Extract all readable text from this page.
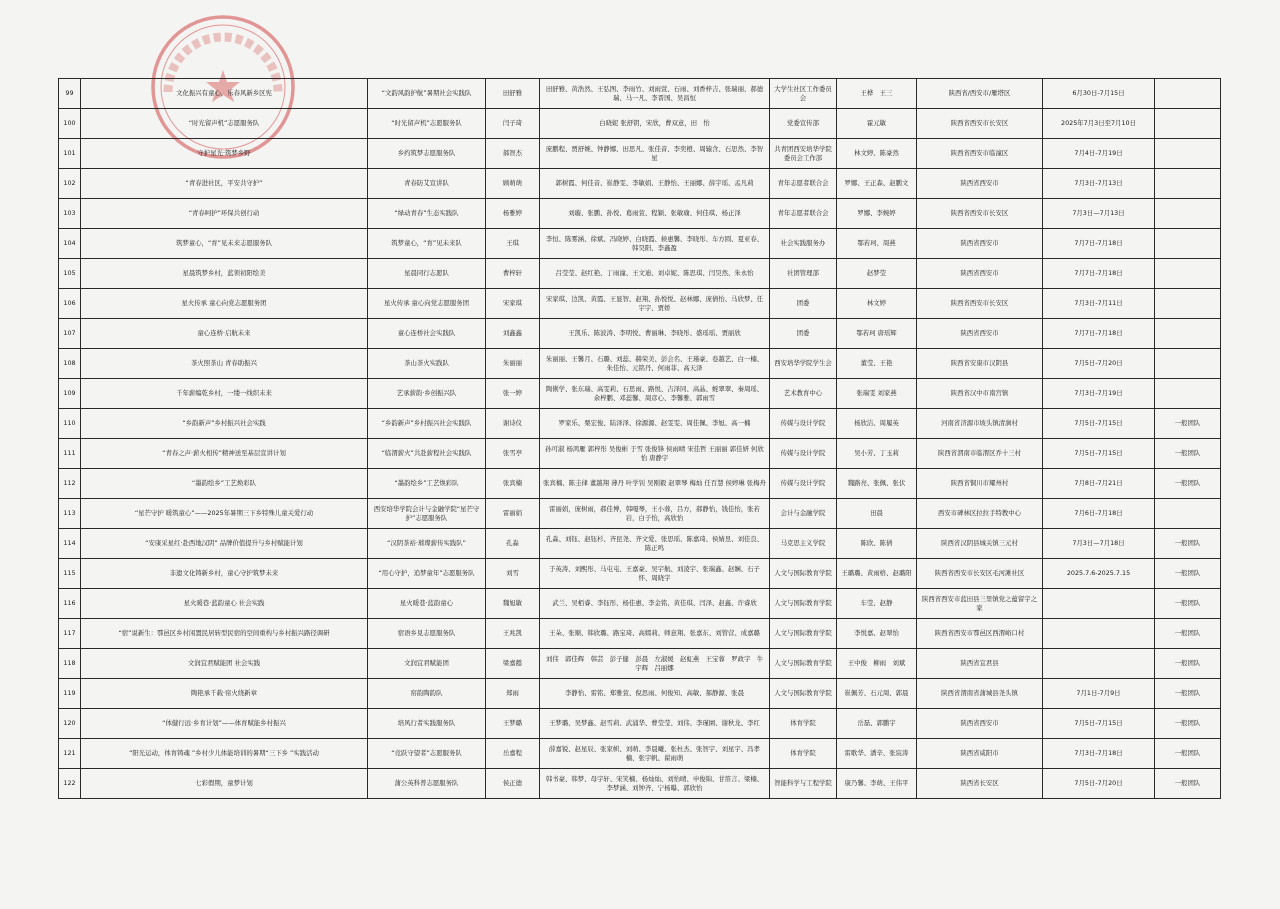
99	文化振兴有童心，乐春风新乡区宪	“文韵风韵护航”暑期社会实践队	田舒雅	田舒雅、黄浩然、王弘图、李雨竹、刘雨萱、石雨、刘香梓吉、张瑞丽、郝德瑞、马一凡、李晋国、吴昌恒	大学生社区工作委员会	王桦　王三	陕西省/西安市/雁塔区	6月30日-7月15日	
100	“时光留声机”志愿服务队	“时光留声机”志愿服务队	闫子琦	白晓妮 张舒钥，宋欣，曹双意，田　怡	党委宣传部	霍元敏	陕西省西安市长安区	2025年7月3日至7月10日	
101	守护星光·筑梦乡野	乡约筑梦志愿服务队	郝智杰	庞鹏程、贾舒婉、钟静娜、田思凡、张佳音、李奕橙、周辕含、石思然、李智星	共青团西安培华学院委员会工作部	林文婷、陈豪然	陕西省西安市临潼区	7月4日-7月19日	
102	“青春进社区，平安共守护”	青春防艾宣讲队	顾萌萌	郭树霞、何佳音、崔静雯、李敏娟、王静怡、王丽娜、薛宇瑶、孟凡莉	青年志愿者联合会	罗娜、王正森、赵鹏文	陕西省西安市	7月3日-7月13日	
103	“青春呵护”环保共创行动	“绿动青春”生态实践队	杨雅婷	刘璇、张鹏、孙悦、葛雨萱、程颖、张敏瑜、何佳琪、杨正泽	青年志愿者联合会	罗娜、李婉婷	陕西省西安市长安区	7月3日—7月13日	
104	筑梦童心，“育”见未来志愿服务队	筑梦童心，“育”见未来队	王琪	李恒、陈雾涵、徐斌、冯晓婷、白晓霞、候惠馨、李晓彤、车方圆、夏亚春、韩昊阳、李鑫盈	社会实践服务办	鄂若珂、周燕	陕西省西安市	7月7日-7月18日	
105	星晨筑梦乡村，蓝领初阳绘美	星晨同行志愿队	曹梓轩	吕莹莹、赵红艳、丁雨潼、王文迪、刘卓妮、陈思琪、闫昊然、朱永怡	社团管理部	赵梦莹	陕西省西安市	7月7日-7月18日	
106	星火传承 童心向党志愿服务团	星火传承 童心向党志愿服务团	宋家琪	宋家琪、边凯、黄霞、王显智、赵翔、孙悦悦、赵林娜、庞倩怡、马欣梦、任宇宇、贾娇	团委	林文婷	陕西省西安市长安区	7月3日-7月11日	
107	童心连桥·启航未来	童心连桥社会实践队	刘鑫鑫	王凯乐、陈波涛、李明悦、曹丽琳、李晓彤、盛瑶瑶、贾丽欣	团委	鄂若珂 唐瑶辉	陕西省西安市	7月7日-7月18日	
108	茶火照茶山 青春助振兴	茶山茶火实践队	朱丽丽	朱丽丽、王馨月、石璐、刘蕊、赫荣美、彭会名、王瑾豪、卷越艺、白一楠、朱佳怡、元铭丹、何雨菲、高天泽	西安培华学院学生会	董莹、王艳	陕西省安康市汉阴县	7月5日-7月20日	
109	千年薪编乾乡村，一缕一线织未来	艺承薪韵·乡创振兴队	张一婷	陶俐学、张东瑞、高雯莉、石思雨、路悦、吉泽同、高晶、蛭翠翠、秦周瑶、余梓鹏、邓蕊馨、周彦心、李馨雅、郭雨雪	艺术教育中心	张瑞雯 刘家燕	陕西省汉中市南宫镇	7月3日-7月19日	
110	“乡韵新声”乡村振兴社会实践	“乡韵新声”乡村振兴社会实践队	谢诗仪	罗家乐、栗宏俊、陆泽泽、徐源源、赵雯雯、周佳佩、李旭、高一楠	传媒与设计学院	杨欣洁、周履英	河南省济源市坡头镇清涧村	7月5日-7月15日	一般团队
111	“青春之声·薪火相传”精神送至基层宣讲计划	“临渭薪火”共赴薪程社会实践队	张雪亭	孙可淑 杨鸿雁 郭梓彤 吴俊彬 于雪 张俊锋 侯雨晴 宋佳哲 王丽丽 郭佳妍 何欣怡 唐静宇	传媒与设计学院	吴小芳、丁玉莉	陕西省渭南市临渭区乔十三村	7月5日-7月15日	一般团队
112	“墨韵绘乡”工艺焕彩队	“墨韵绘乡”工艺焕彩队	张宾楠	张宾楠、陈圭律 董越翔 薄丹 叶学钊 吴刚毅 赵翠琴 梅灿 任百慧 侯婷琳 张梅舟	传媒与设计学院	魏路亮、张佩、张伏	陕西省铜川市耀州村	7月8日-7月21日	一般团队
113	“星芒守护 暖筑童心”——2025年暑期三下乡特殊儿童关爱行动	西安培华学院会计与金融学院“星芒守护”志愿服务队	雷丽娟	雷丽娟，庞树雨，郝佳博，韩嘎琴，王小蓉，吕方，郝静怡，钱佳怡，张若岩，白子怡，高欣怡	会计与金融学院	田晨	西安市碑林区拉拉手特教中心	7月6日-7月18日	
114	“安康采星红·赴西地汉阴” 品牌价值提升与乡村赋能计划	“汉阴茶裕·璀璨薪传实践队”	孔淼	孔淼、刘钰、赵钰杉、齐昆尧、齐文爱、张思瑶、陈嘉琦、侯婧昱、刘佳良、陈正鸣	马克思主义学院	陈欣、陈倩	陕西省汉阴县城关镇三元村	7月3日—7月18日	一般团队
115	非遗文化铸新乡村，童心守护筑梦未来	“用心守护，追梦童年”志愿服务队	刘雪	于英涛、刘熙彤、马屯屯、王嘉豪、吴宇航、刘凌宇、张瑞鑫、赵娴、石子怀、周晓宇	人文与国际教育学院	王璐璐、黄雨格、赵璐阳	陕西省西安市长安区毛河滩社区	2025.7.6-2025.7.15	一般团队
116	星火暖巷·蓝韵童心 社会实践	星火暖巷·蓝韵童心	魏旭敏	武兰、吴栢睿、李钰彤、杨佳惠、李金铭、黄佳琪、闫泽、赵鑫、许睿欣	人文与国际教育学院	车莹、赵静	陕西省西安市蓝田县三里镇党之蕴留宇之家		一般团队
117	“宿”说新生：鄠邑区乡村闲置民居转型民宿的空间重构与乡村振兴路径调研	宿语乡見志愿服务队	王兆凯	王朵、张顺、韩欣璐、路宝琦、高嫣莉、师意翔、张嘉东、刘管营、成嘉璐	人文与国际教育学院	李悦嘉、赵翠怡	陕西省西安市鄠邑区西渭峪口村		一般团队
118	文润宜君赋能团 社会实践	文润宜君赋能团	梁嘉懿	刘伟　郭佳辉　韩芸　彭子健　彭晨　左淑媛　赵虹燕　王宝蓉　罗政宇　牛宇辉　吕丽娜	人文与国际教育学院	王中俊　柳雨　刘斌	陕西省宜君县		一般团队
119	陶艳承千载·窑火绕新章	窑韵陶韵队	郑雨	李静怡、雷铭、郑雅萱、倪思雨、何俊知、高敏、郝静源、张晨	人文与国际教育学院	崔佩芳、石元周、郭晨	陕西省渭南省蒲城县尧头镇	7月1日-7月9日	一般团队
120	“体健行远·乡育计划”——体育赋能乡村振兴	培风行者实践服务队	王梦璐	王梦璐、吴梦鑫、赵雪莉、武浦华、曹莹莹、刘伟、李瑾園、谢秋龙、李红	体育学院	岳磊、郭鹏宇	陕西省西安市	7月5日-7月15日	一般团队
121	“阳光运动，体育铸魂 ”乡村少儿体能培训的暑期“三下乡 ”实践活动	“竞跃守望者”志愿服务队	岳嘉程	薛嘉锐、赵星辰、张家帜、刘萌、李晨曦、张杜杰、张智宇、刘星宇、冯孝楠、张宇帆、翟雨萌	体育学院	雷歌华、潘辛、张宸涛	陕西省咸阳市	7月3日-7月18日	一般团队
122	七彩假期，童梦计划	蒲公英科普志愿服务队	侯正德	韩书豪、韩梦、母宇轩、宋笑楠、杨灿灿、刘怡晴、申俊锦、甘笛言、梁楠、李梦涵、刘钟齐、宁杨曝、郭欣怡	智能科学与工程学院	康乃馨、李萌、王伟平	陕西省长安区	7月5日-7月20日	一般团队
